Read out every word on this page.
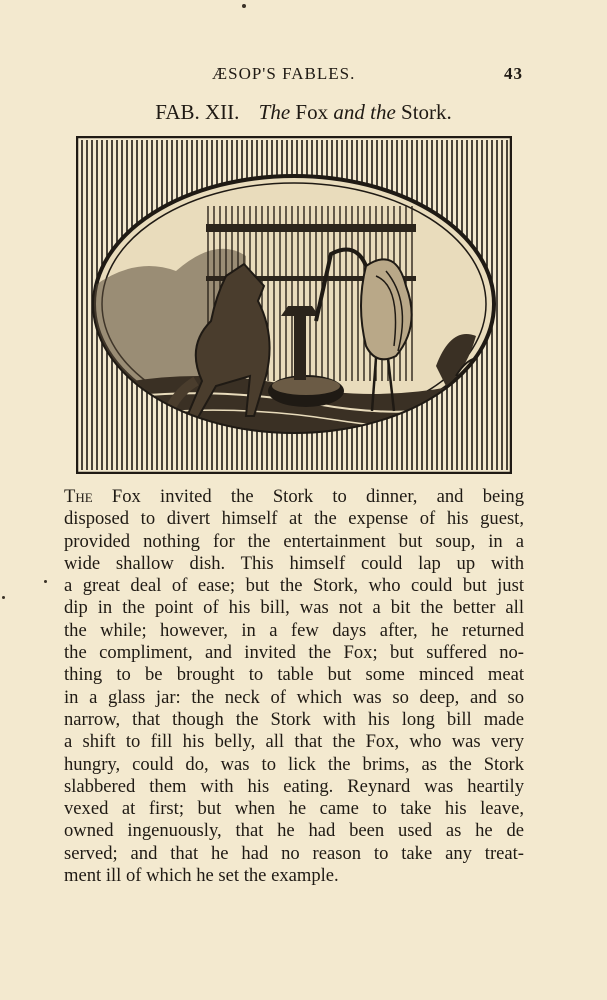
ÆSOP'S FABLES.	43
FAB. XII. The Fox and the Stork.
The Fox invited the Stork to dinner, and being
disposed to divert himself at the expense of his guest,
provided nothing for the entertainment but soup, in a
wide shallow dish. This himself could lap up with
a great deal of ease; but the Stork, who could but just
dip in the point of his bill, was not a bit the better all
the while; however, in a few days after, he returned
the compliment, and invited the Fox; but suffered no-
thing to be brought to table but some minced meat
in a glass jar: the neck of which was so deep, and so
narrow, that though the Stork with his long bill made
a shift to fill his belly, all that the Fox, who was very
hungry, could do, was to lick the brims, as the Stork
slabbered them with his eating. Reynard was heartily
vexed at first; but when he came to take his leave,
owned ingenuously, that he had been used as he de
served; and that he had no reason to take any treat-
ment ill of which he set the example.
